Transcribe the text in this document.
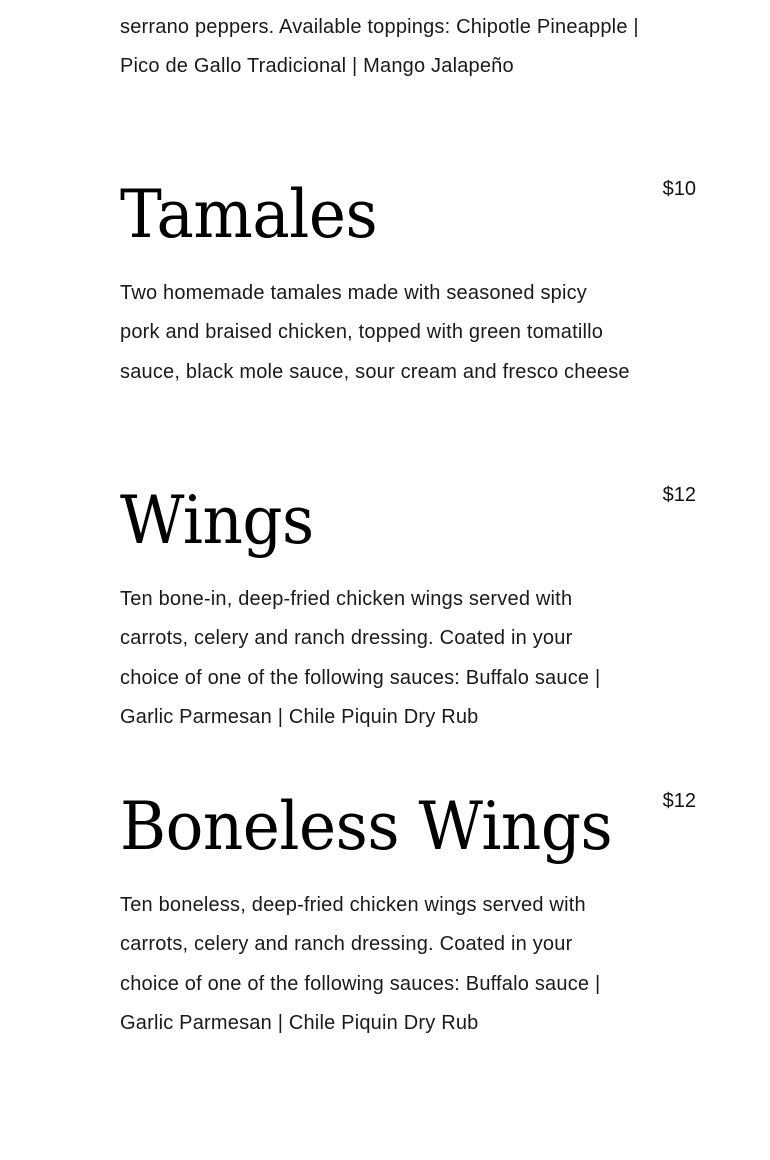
serrano peppers. Available toppings: Chipotle Pineapple | Pico de Gallo Tradicional | Mango Jalapeño

Tamales	$10

Two homemade tamales made with seasoned spicy pork and braised chicken, topped with green tomatillo sauce, black mole sauce, sour cream and fresco cheese

Wings	$12

Ten bone-in, deep-fried chicken wings served with carrots, celery and ranch dressing. Coated in your choice of one of the following sauces: Buffalo sauce | Garlic Parmesan | Chile Piquin Dry Rub

Boneless Wings	$12

Ten boneless, deep-fried chicken wings served with carrots, celery and ranch dressing. Coated in your choice of one of the following sauces: Buffalo sauce | Garlic Parmesan | Chile Piquin Dry Rub
